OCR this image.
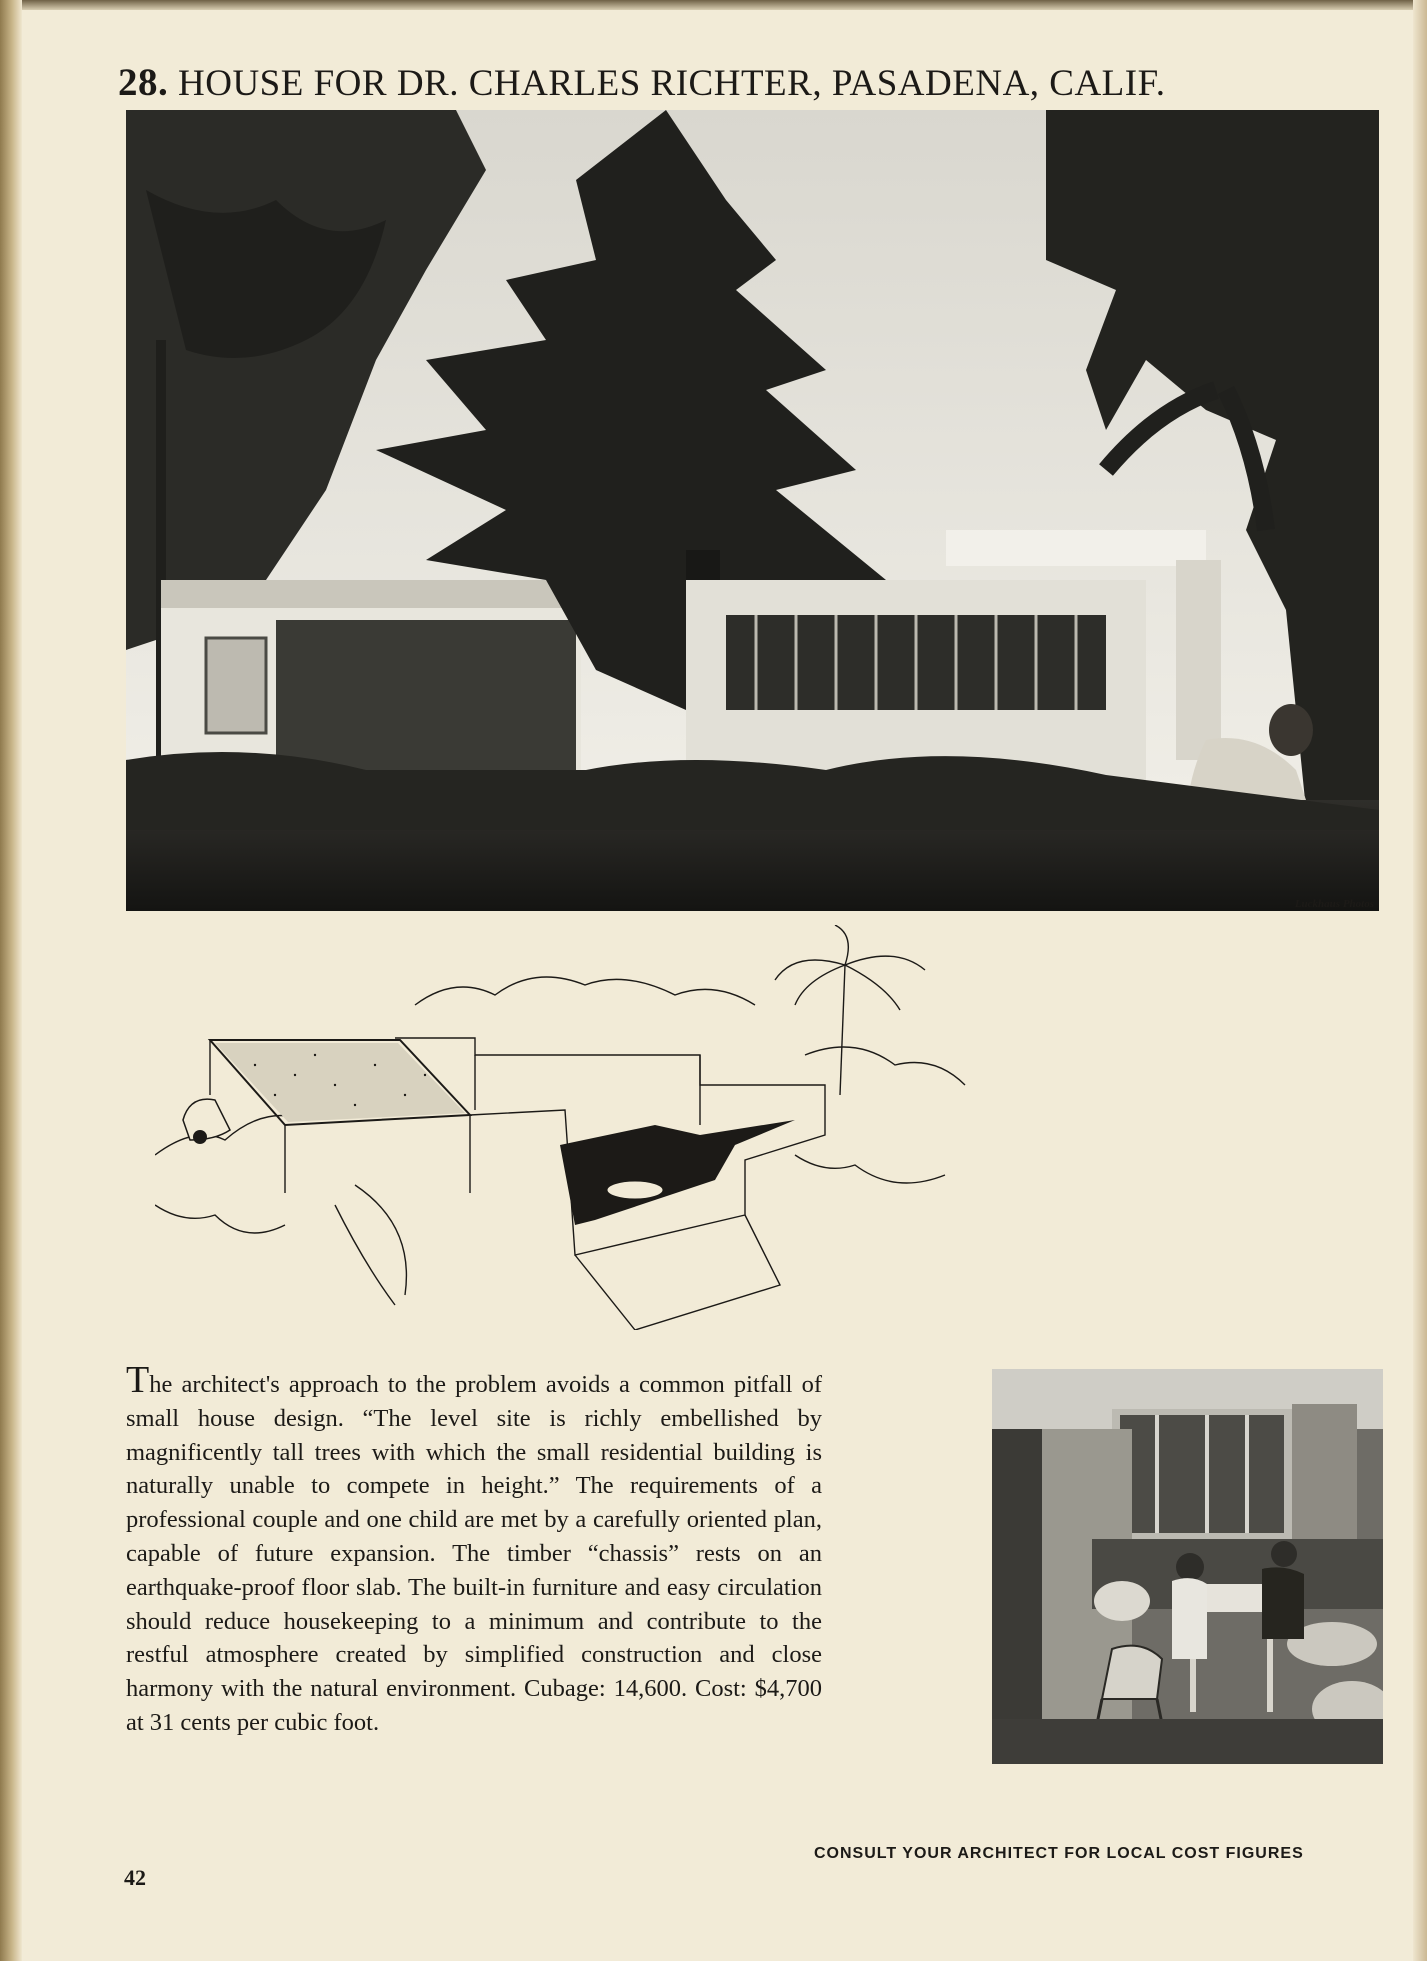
28. HOUSE FOR DR. CHARLES RICHTER, PASADENA, CALIF.
Luckhaus Photos
The architect's approach to the problem avoids a common pitfall of small house design. “The level site is richly embellished by magnificently tall trees with which the small residential building is naturally unable to compete in height.” The requirements of a professional couple and one child are met by a carefully oriented plan, capable of future expansion. The timber “chassis” rests on an earthquake-proof floor slab. The built-in furniture and easy circulation should reduce housekeeping to a minimum and contribute to the restful atmosphere created by simplified construction and close harmony with the natural environment. Cubage: 14,600. Cost: $4,700 at 31 cents per cubic foot.
CONSULT YOUR ARCHITECT FOR LOCAL COST FIGURES
42
